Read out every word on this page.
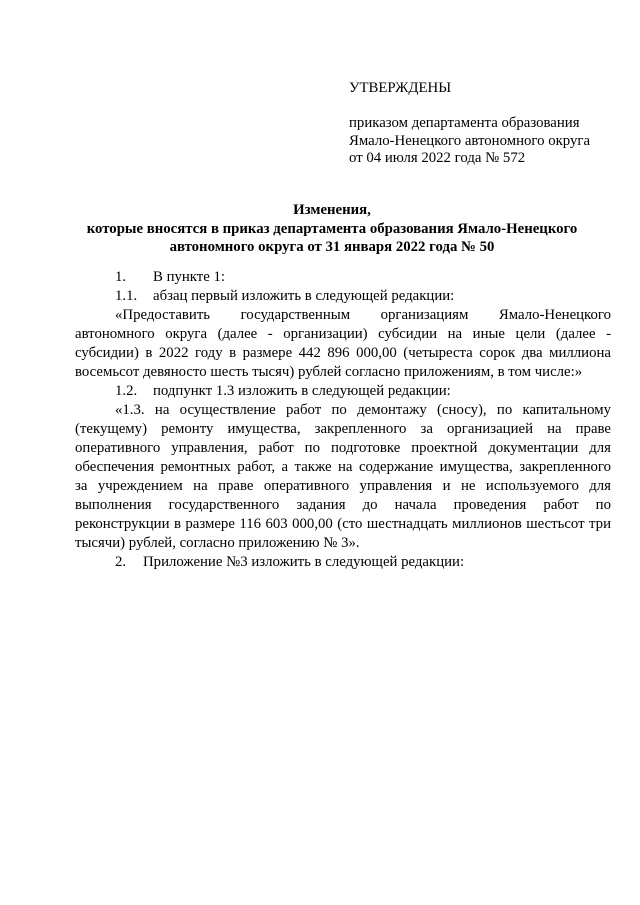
УТВЕРЖДЕНЫ
приказом департамента образования
Ямало-Ненецкого автономного округа
от 04 июля 2022 года № 572
Изменения,
которые вносятся в приказ департамента образования Ямало-Ненецкого
автономного округа от 31 января 2022 года № 50
1. В пункте 1:
1.1. абзац первый изложить в следующей редакции:
«Предоставить государственным организациям Ямало-Ненецкого
автономного округа (далее - организации) субсидии на иные цели (далее -
субсидии) в 2022 году в размере 442 896 000,00 (четыреста сорок два миллиона
восемьсот девяносто шесть тысяч) рублей согласно приложениям, в том числе:»
1.2. подпункт 1.3 изложить в следующей редакции:
«1.3. на осуществление работ по демонтажу (сносу), по капитальному
(текущему) ремонту имущества, закрепленного за организацией на праве
оперативного управления, работ по подготовке проектной документации для
обеспечения ремонтных работ, а также на содержание имущества, закрепленного
за учреждением на праве оперативного управления и не используемого для
выполнения государственного задания до начала проведения работ по
реконструкции в размере 116 603 000,00 (сто шестнадцать миллионов шестьсот три
тысячи) рублей, согласно приложению № 3».
2. Приложение №3 изложить в следующей редакции:
